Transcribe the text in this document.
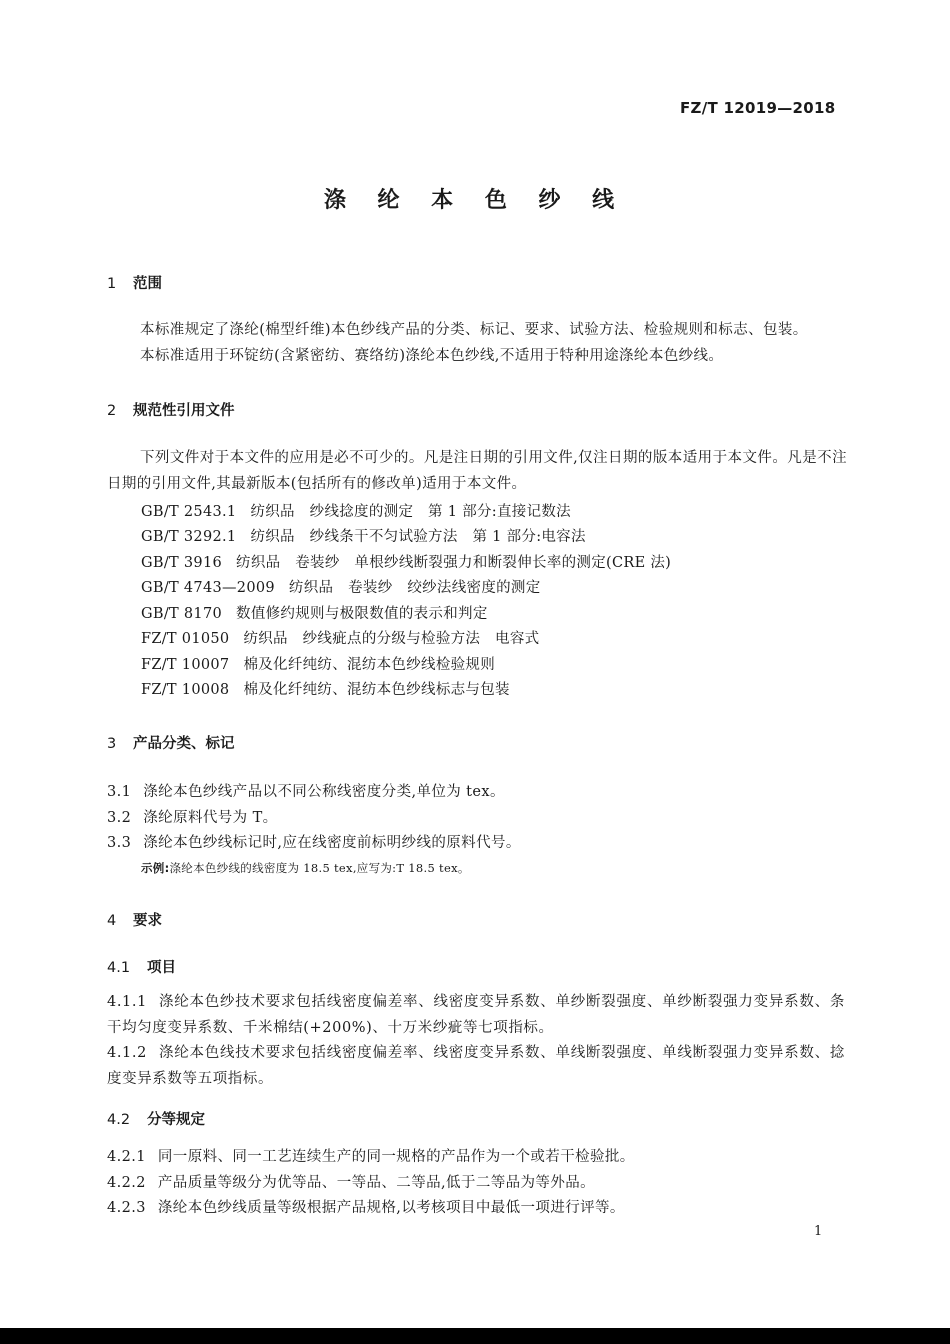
FZ/T 12019—2018
涤 纶 本 色 纱 线
1 范围
本标准规定了涤纶(棉型纤维)本色纱线产品的分类、标记、要求、试验方法、检验规则和标志、包装。
本标准适用于环锭纺(含紧密纺、赛络纺)涤纶本色纱线,不适用于特种用途涤纶本色纱线。
2 规范性引用文件
下列文件对于本文件的应用是必不可少的。凡是注日期的引用文件,仅注日期的版本适用于本文件。凡是不注日期的引用文件,其最新版本(包括所有的修改单)适用于本文件。
GB/T 2543.1 纺织品　纱线捻度的测定　第 1 部分:直接记数法
GB/T 3292.1 纺织品　纱线条干不匀试验方法　第 1 部分:电容法
GB/T 3916 纺织品　卷装纱　单根纱线断裂强力和断裂伸长率的测定(CRE 法)
GB/T 4743—2009 纺织品　卷装纱　绞纱法线密度的测定
GB/T 8170 数值修约规则与极限数值的表示和判定
FZ/T 01050 纺织品　纱线疵点的分级与检验方法　电容式
FZ/T 10007 棉及化纤纯纺、混纺本色纱线检验规则
FZ/T 10008 棉及化纤纯纺、混纺本色纱线标志与包装
3 产品分类、标记
3.1 涤纶本色纱线产品以不同公称线密度分类,单位为 tex。
3.2 涤纶原料代号为 T。
3.3 涤纶本色纱线标记时,应在线密度前标明纱线的原料代号。
示例:涤纶本色纱线的线密度为 18.5 tex,应写为:T 18.5 tex。
4 要求
4.1 项目
4.1.1 涤纶本色纱技术要求包括线密度偏差率、线密度变异系数、单纱断裂强度、单纱断裂强力变异系数、条干均匀度变异系数、千米棉结(+200%)、十万米纱疵等七项指标。
4.1.2 涤纶本色线技术要求包括线密度偏差率、线密度变异系数、单线断裂强度、单线断裂强力变异系数、捻度变异系数等五项指标。
4.2 分等规定
4.2.1 同一原料、同一工艺连续生产的同一规格的产品作为一个或若干检验批。
4.2.2 产品质量等级分为优等品、一等品、二等品,低于二等品为等外品。
4.2.3 涤纶本色纱线质量等级根据产品规格,以考核项目中最低一项进行评等。
1
